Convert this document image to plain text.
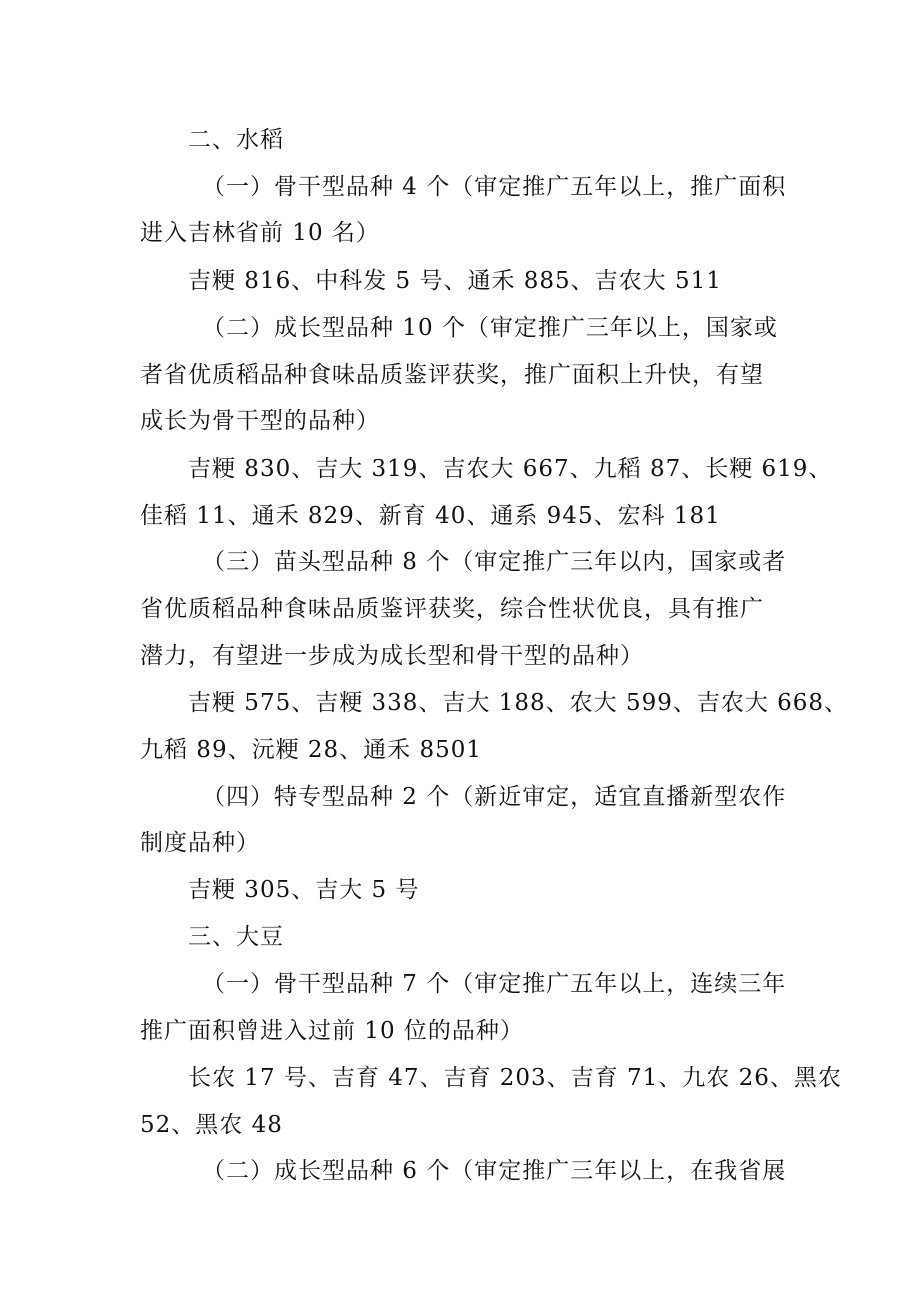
二、水稻
（一）骨干型品种 4 个（审定推广五年以上，推广面积
进入吉林省前 10 名）
吉粳 816、中科发 5 号、通禾 885、吉农大 511
（二）成长型品种 10 个（审定推广三年以上，国家或
者省优质稻品种食味品质鉴评获奖，推广面积上升快，有望
成长为骨干型的品种）
吉粳 830、吉大 319、吉农大 667、九稻 87、长粳 619、
佳稻 11、通禾 829、新育 40、通系 945、宏科 181
（三）苗头型品种 8 个（审定推广三年以内，国家或者
省优质稻品种食味品质鉴评获奖，综合性状优良，具有推广
潜力，有望进一步成为成长型和骨干型的品种）
吉粳 575、吉粳 338、吉大 188、农大 599、吉农大 668、
九稻 89、沅粳 28、通禾 8501
（四）特专型品种 2 个（新近审定，适宜直播新型农作
制度品种）
吉粳 305、吉大 5 号
三、大豆
（一）骨干型品种 7 个（审定推广五年以上，连续三年
推广面积曾进入过前 10 位的品种）
长农 17 号、吉育 47、吉育 203、吉育 71、九农 26、黑农
52、黑农 48
（二）成长型品种 6 个（审定推广三年以上，在我省展
